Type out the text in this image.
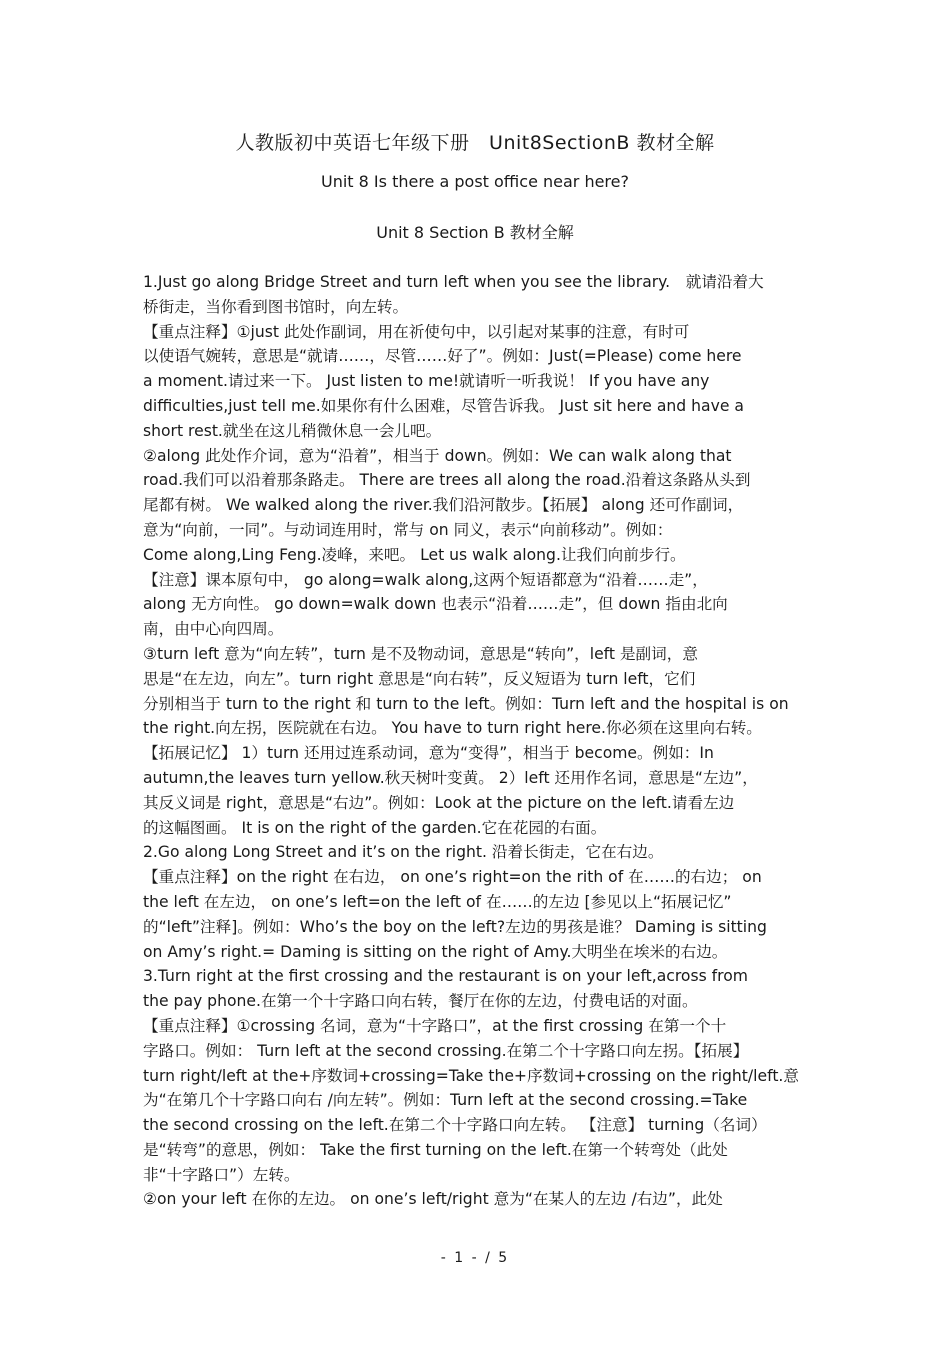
人教版初中英语七年级下册　Unit8SectionB 教材全解
Unit 8 Is there a post office near here?
Unit 8 Section B 教材全解
1.Just go along Bridge Street and turn left when you see the library.　就请沿着大
桥街走，当你看到图书馆时，向左转。
【重点注释】①just 此处作副词，用在祈使句中，以引起对某事的注意，有时可
以使语气婉转，意思是“就请……，尽管……好了”。例如：Just(=Please) come here
a moment.请过来一下。 Just listen to me!就请听一听我说！ If you have any
difficulties,just tell me.如果你有什么困难，尽管告诉我。 Just sit here and have a
short rest.就坐在这儿稍微休息一会儿吧。
②along 此处作介词，意为“沿着”，相当于 down。例如：We can walk along that
road.我们可以沿着那条路走。 There are trees all along the road.沿着这条路从头到
尾都有树。 We walked along the river.我们沿河散步。【拓展】 along 还可作副词，
意为“向前，一同”。与动词连用时，常与 on 同义，表示“向前移动”。例如：
Come along,Ling Feng.凌峰，来吧。 Let us walk along.让我们向前步行。
【注意】课本原句中， go along=walk along,这两个短语都意为“沿着……走”，
along 无方向性。 go down=walk down 也表示“沿着……走”，但 down 指由北向
南，由中心向四周。
③turn left 意为“向左转”，turn 是不及物动词，意思是“转向”，left 是副词，意
思是“在左边，向左”。turn right 意思是“向右转”，反义短语为 turn left，它们
分别相当于 turn to the right 和 turn to the left。例如：Turn left and the hospital is on
the right.向左拐，医院就在右边。 You have to turn right here.你必须在这里向右转。
【拓展记忆】 1）turn 还用过连系动词，意为“变得”，相当于 become。例如：In
autumn,the leaves turn yellow.秋天树叶变黄。 2）left 还用作名词，意思是“左边”，
其反义词是 right，意思是“右边”。例如：Look at the picture on the left.请看左边
的这幅图画。 It is on the right of the garden.它在花园的右面。
2.Go along Long Street and it’s on the right. 沿着长街走，它在右边。
【重点注释】on the right 在右边， on one’s right=on the rith of 在……的右边； on
the left 在左边， on one’s left=on the left of 在……的左边 [参见以上“拓展记忆”
的“left”注释]。例如：Who’s the boy on the left?左边的男孩是谁？ Daming is sitting
on Amy’s right.= Daming is sitting on the right of Amy.大明坐在埃米的右边。
3.Turn right at the first crossing and the restaurant is on your left,across from
the pay phone.在第一个十字路口向右转，餐厅在你的左边，付费电话的对面。
【重点注释】①crossing 名词，意为“十字路口”，at the first crossing 在第一个十
字路口。例如： Turn left at the second crossing.在第二个十字路口向左拐。【拓展】
turn right/left at the+序数词+crossing=Take the+序数词+crossing on the right/left.意
为“在第几个十字路口向右 /向左转”。例如：Turn left at the second crossing.=Take
the second crossing on the left.在第二个十字路口向左转。 【注意】 turning（名词）
是“转弯”的意思，例如： Take the first turning on the left.在第一个转弯处（此处
非“十字路口”）左转。
②on your left 在你的左边。 on one’s left/right 意为“在某人的左边 /右边”，此处
- 1 - / 5
